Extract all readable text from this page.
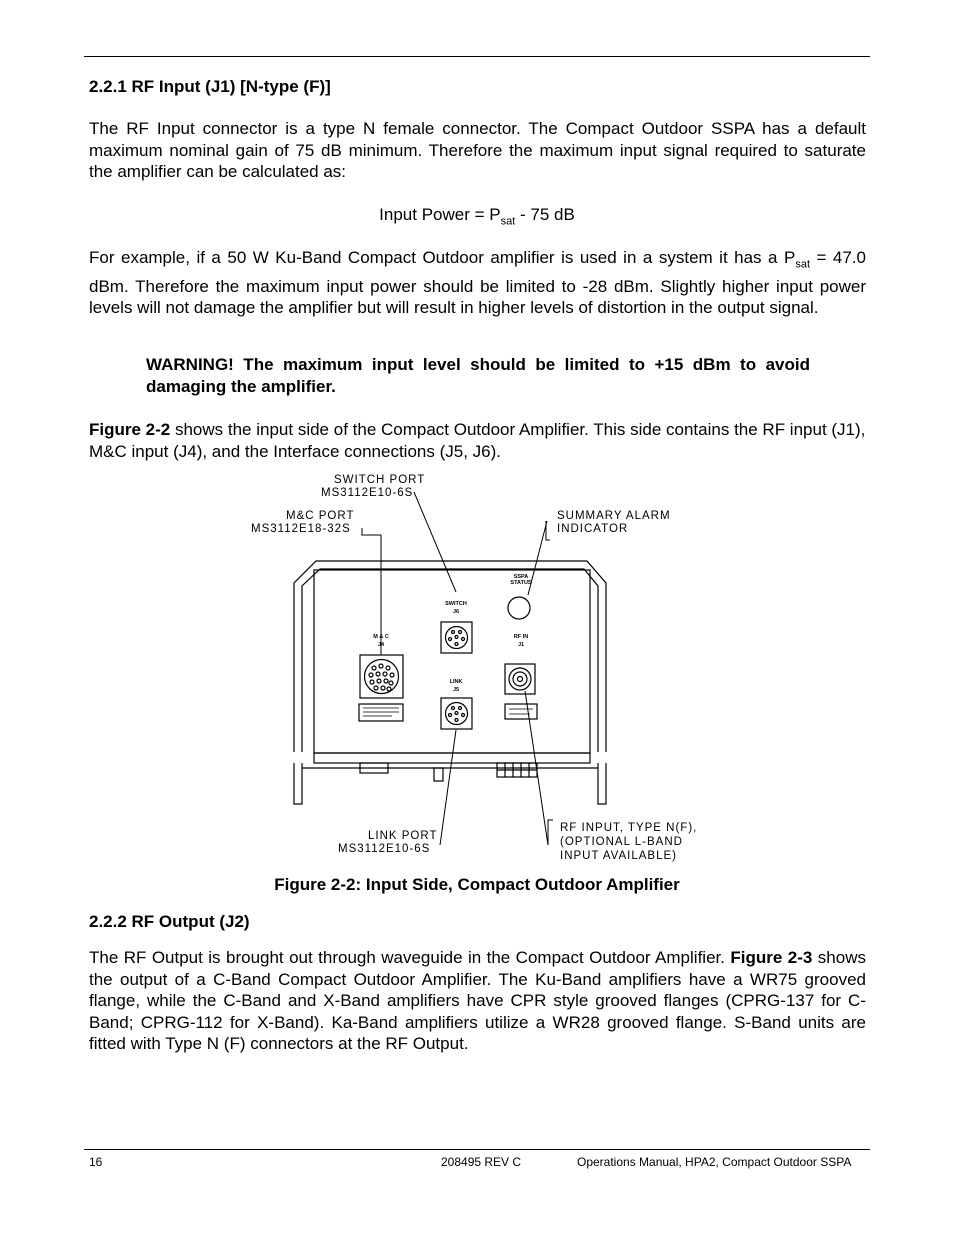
2.2.1 RF Input (J1) [N-type (F)]
The RF Input connector is a type N female connector. The Compact Outdoor SSPA has a default maximum nominal gain of 75 dB minimum. Therefore the maximum input signal required to saturate the amplifier can be calculated as:
Input Power = $P_{sat} - 75$ dB
For example, if a 50 W Ku-Band Compact Outdoor amplifier is used in a system it has a $P_{sat} = 47.0$ dBm. Therefore the maximum input power should be limited to -28 dBm. Slightly higher input power levels will not damage the amplifier but will result in higher levels of distortion in the output signal.
WARNING! The maximum input level should be limited to +15 dBm to avoid damaging the amplifier.
Figure 2-2 shows the input side of the Compact Outdoor Amplifier. This side contains the RF input (J1), M&C input (J4), and the Interface connections (J5, J6).
SWITCH PORT
MS3112E10-6S
M&C PORT
MS3112E18-32S
SUMMARY ALARM
INDICATOR
LINK PORT
MS3112E10-6S
RF INPUT, TYPE N(F),
(OPTIONAL L-BAND
INPUT AVAILABLE)
SSPA
STATUS
SWITCH
J6
M & C
J4
RF IN
J1
LINK
J5
Figure 2-2: Input Side, Compact Outdoor Amplifier
2.2.2 RF Output (J2)
The RF Output is brought out through waveguide in the Compact Outdoor Amplifier. Figure 2-3 shows the output of a C-Band Compact Outdoor Amplifier. The Ku-Band amplifiers have a WR75 grooved flange, while the C-Band and X-Band amplifiers have CPR style grooved flanges (CPRG-137 for C-Band; CPRG-112 for X-Band). Ka-Band amplifiers utilize a WR28 grooved flange. S-Band units are fitted with Type N (F) connectors at the RF Output.
16	208495 REV C	Operations Manual, HPA2, Compact Outdoor SSPA
